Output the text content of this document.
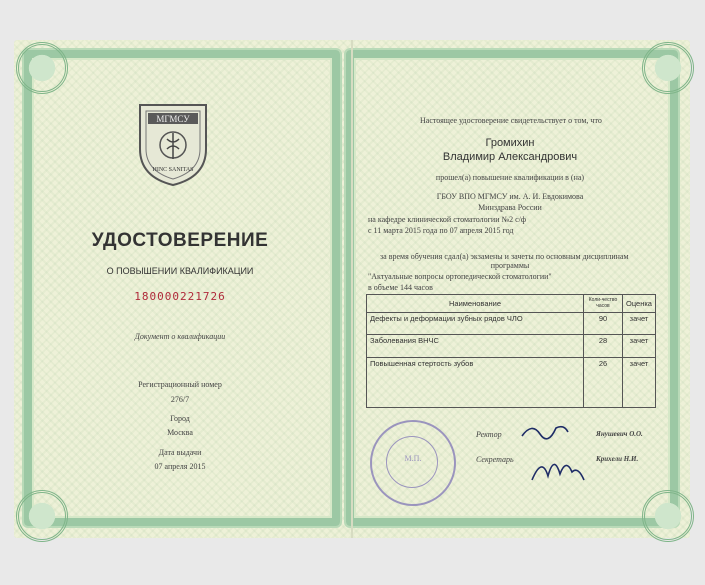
МГМСУ
HINC SANITAS
УДОСТОВЕРЕНИЕ
О ПОВЫШЕНИИ КВАЛИФИКАЦИИ
180000221726
Документ о квалификации
Регистрационный номер
276/7
Город
Москва
Дата выдачи
07 апреля 2015
Настоящее удостоверение свидетельствует о том, что
Громихин
Владимир Александрович
прошел(а) повышение квалификации в (на)
ГБОУ ВПО МГМСУ им. А. И. Евдокимова
Минздрава России
на кафедре клинической стоматологии №2 с/ф
с 11 марта 2015 года по 07 апреля 2015 год
за время обучения сдал(а) экзамены и зачеты по основным дисциплинам
программы
"Актуальные вопросы ортопедической стоматологии"
в объеме 144 часов
Наименование	Коли-чество часов	Оценка
Дефекты и деформации зубных рядов ЧЛО	90	зачет
Заболевания ВНЧС	28	зачет
Повышенная стертость зубов	26	зачет
М.П.
Ректор	Янушевич О.О.
Секретарь	Крихели Н.И.
